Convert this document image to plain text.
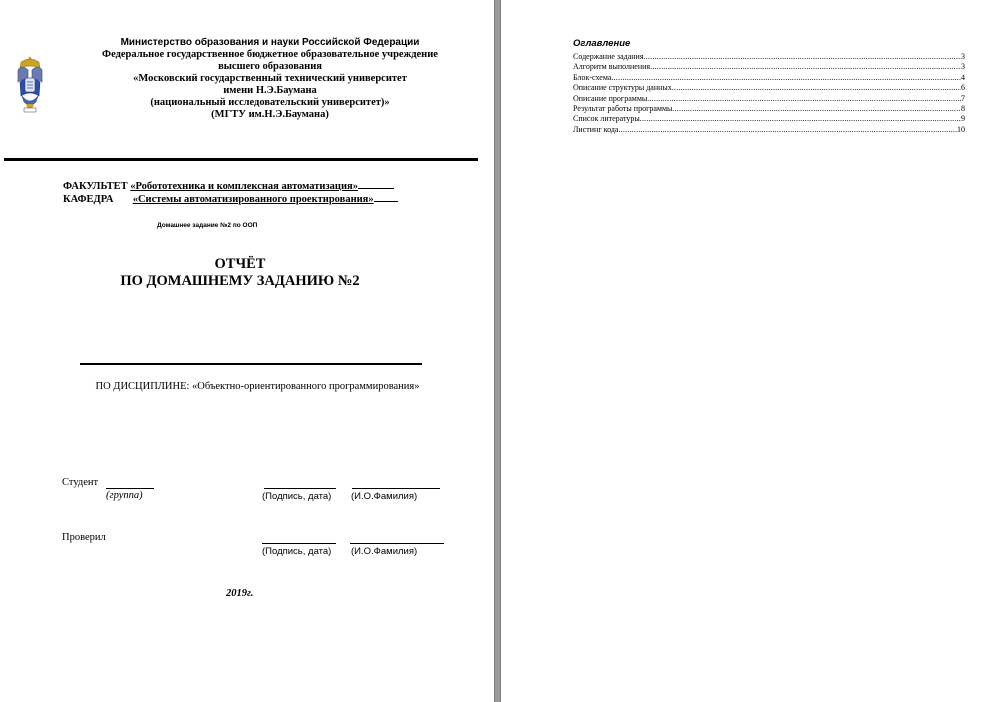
Министерство образования и науки Российской Федерации
Федеральное государственное бюджетное образовательное учреждение
высшего образования
«Московский государственный технический университет
имени Н.Э.Баумана
(национальный исследовательский университет)»
(МГТУ им.Н.Э.Баумана)
ФАКУЛЬТЕТ «Робототехника и комплексная автоматизация»
КАФЕДРА «Системы автоматизированного проектирования»
Домашнее задание №2 по ООП
ОТЧЁТ
ПО ДОМАШНЕМУ ЗАДАНИЮ №2
ПО ДИСЦИПЛИНЕ: «Объектно-ориентированного программирования»
Студент
(группа)	(Подпись, дата) (И.О.Фамилия)
Проверил
(Подпись, дата) (И.О.Фамилия)
2019г.
Оглавление
Содержание задания .....	3
Алгоритм выполнения .....	3
Блок-схема .....	4
Описание структуры данных .....	6
Описание программы .....	7
Результат работы программы .....	8
Список литературы .....	9
Листинг кода .....	10
